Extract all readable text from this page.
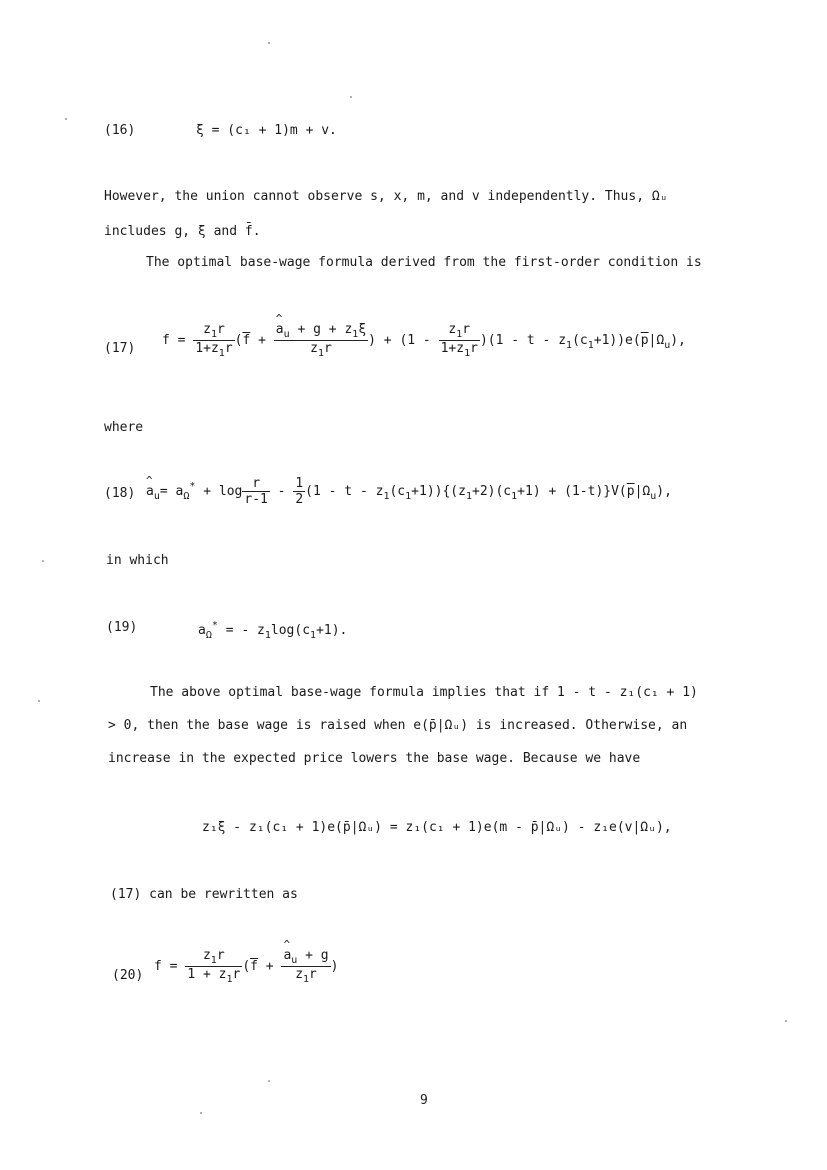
(16)	ξ = (c₁ + 1)m + v.
However, the union cannot observe s, x, m, and v independently. Thus, Ωᵤ
includes g, ξ and f̄.
The optimal base-wage formula derived from the first-order condition is
(17)
$f = \frac{z_1r}{1+z_1r} (\overline{f}$ + ^ $\frac{a_u + g + z_1\xi}{z_1r}$ ) + $(1 - \frac{z_1r}{1+z_1r} )(1 - t - z_1(c_1+1))e(\overline{p}|\Omega_u)$,
where
(18) ^ $a_u= a_\Omega^* + \log \frac{r}{r-1} - \frac{1}{2} (1 - t - z_1(c_1+1))\{(z_1+2)(c_1+1) + (1-t)\}V(\overline{p}|\Omega_u)$,
in which
(19)	$a_\Omega^*$ = - $z_1\log(c_1+1)$.
The above optimal base-wage formula implies that if 1 - t - z₁(c₁ + 1)
> 0, then the base wage is raised when e(p̄|Ωᵤ) is increased. Otherwise, an
increase in the expected price lowers the base wage. Because we have
z₁ξ - z₁(c₁ + 1)e(p̄|Ωᵤ) = z₁(c₁ + 1)e(m - p̄|Ωᵤ) - z₁e(v|Ωᵤ),
(17) can be rewritten as
(20)
$f = \frac{z_1r}{1 + z_1r} (\overline{f}$ + ^ $\frac{a_u + g}{z_1r}$ )
9
